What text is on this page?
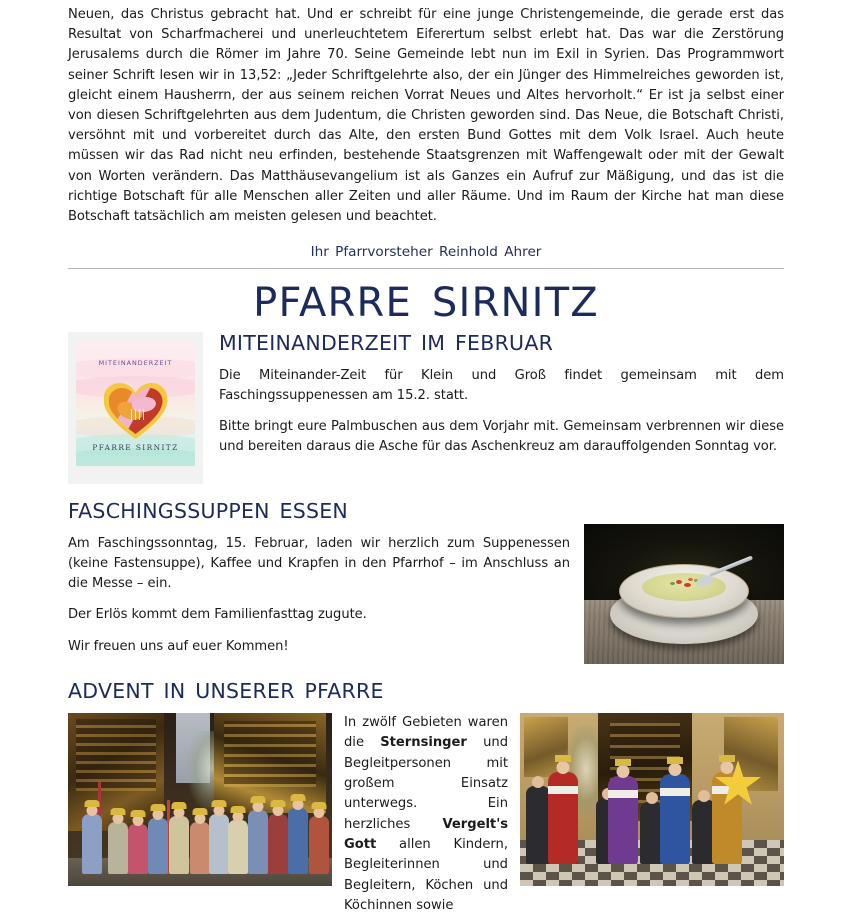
Neuen, das Christus gebracht hat. Und er schreibt für eine junge Christengemeinde, die gerade erst das Resultat von Scharfmacherei und unerleuchtetem Eiferertum selbst erlebt hat. Das war die Zerstörung Jerusalems durch die Römer im Jahre 70. Seine Gemeinde lebt nun im Exil in Syrien. Das Programmwort seiner Schrift lesen wir in 13,52: „Jeder Schriftgelehrte also, der ein Jünger des Himmelreiches geworden ist, gleicht einem Hausherrn, der aus seinem reichen Vorrat Neues und Altes hervorholt.“ Er ist ja selbst einer von diesen Schriftgelehrten aus dem Judentum, die Christen geworden sind. Das Neue, die Botschaft Christi, versöhnt mit und vorbereitet durch das Alte, den ersten Bund Gottes mit dem Volk Israel. Auch heute müssen wir das Rad nicht neu erfinden, bestehende Staatsgrenzen mit Waffengewalt oder mit der Gewalt von Worten verändern. Das Matthäusevangelium ist als Ganzes ein Aufruf zur Mäßigung, und das ist die richtige Botschaft für alle Menschen aller Zeiten und aller Räume. Und im Raum der Kirche hat man diese Botschaft tatsächlich am meisten gelesen und beachtet.

Ihr Pfarrvorsteher Reinhold Ahrer
PFARRE SIRNITZ
MITEINANDERZEIT
PFARRE SIRNITZ
MITEINANDERZEIT IM FEBRUAR

Die Miteinander-Zeit für Klein und Groß findet gemeinsam mit dem Faschingssuppenessen am 15.2. statt.

Bitte bringt eure Palmbuschen aus dem Vorjahr mit. Gemeinsam verbrennen wir diese und bereiten daraus die Asche für das Aschenkreuz am darauffolgenden Sonntag vor.

FASCHINGSSUPPEN ESSEN

Am Faschingssonntag, 15. Februar, laden wir herzlich zum Suppenessen (keine Fastensuppe), Kaffee und Krapfen in den Pfarrhof – im Anschluss an die Messe – ein.

Der Erlös kommt dem Familienfasttag zugute.

Wir freuen uns auf euer Kommen!

ADVENT IN UNSERER PFARRE

In zwölf Gebieten waren die Sternsinger und Begleitpersonen mit großem Einsatz unterwegs. Ein herzliches Vergelt's Gott allen Kindern, Begleiterinnen und Begleitern, Köchen und Köchinnen sowie
